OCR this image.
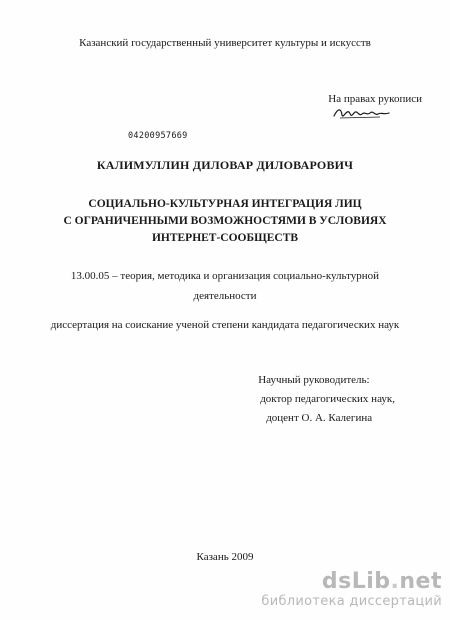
Казанский государственный университет культуры и искусств
На правах рукописи
04200957669
КАЛИМУЛЛИН ДИЛОВАР ДИЛОВАРОВИЧ
СОЦИАЛЬНО-КУЛЬТУРНАЯ ИНТЕГРАЦИЯ ЛИЦ
С ОГРАНИЧЕННЫМИ ВОЗМОЖНОСТЯМИ В УСЛОВИЯХ
ИНТЕРНЕТ-СООБЩЕСТВ
13.00.05 – теория, методика и организация социально-культурной
деятельности
диссертация на соискание ученой степени кандидата педагогических наук
Научный руководитель:
доктор педагогических наук,
доцент О. А. Калегина
Казань 2009
dsLib.net
библиотека диссертаций
